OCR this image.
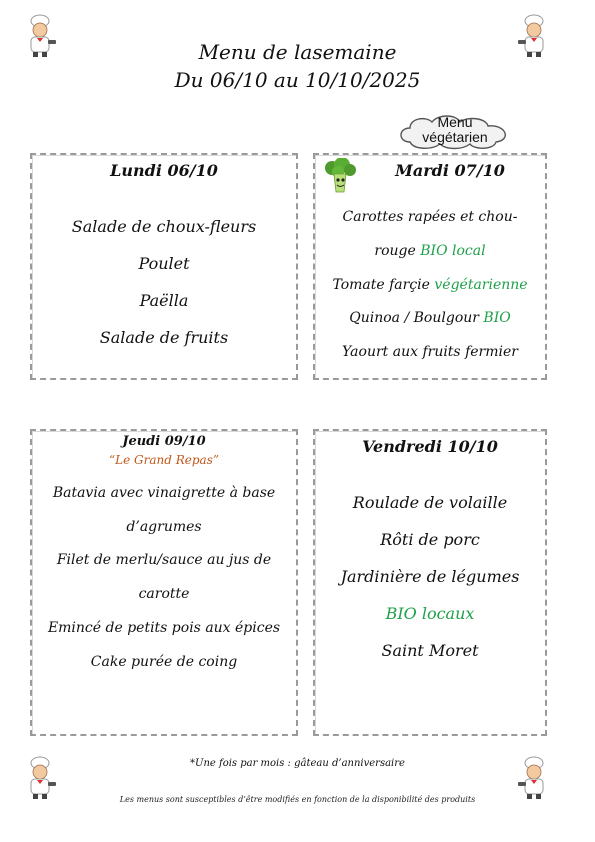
Menu de lasemaine
Du 06/10 au 10/10/2025
Lundi 06/10
Salade de choux-fleurs
Poulet
Paëlla
Salade de fruits
Mardi 07/10
Carottes rapées et chou-
rouge BIO local
Tomate farçie végétarienne
Quinoa / Boulgour BIO
Yaourt aux fruits fermier
Menu
végétarien
Jeudi 09/10
“Le Grand Repas”
Batavia avec vinaigrette à base
d’agrumes
Filet de merlu/sauce au jus de
carotte
Emincé de petits pois aux épices
Cake purée de coing
Vendredi 10/10
Roulade de volaille
Rôti de porc
Jardinière de légumes
BIO locaux
Saint Moret
*Une fois par mois : gâteau d’anniversaire
Les menus sont susceptibles d’être modifiés en fonction de la disponibilité des produits
